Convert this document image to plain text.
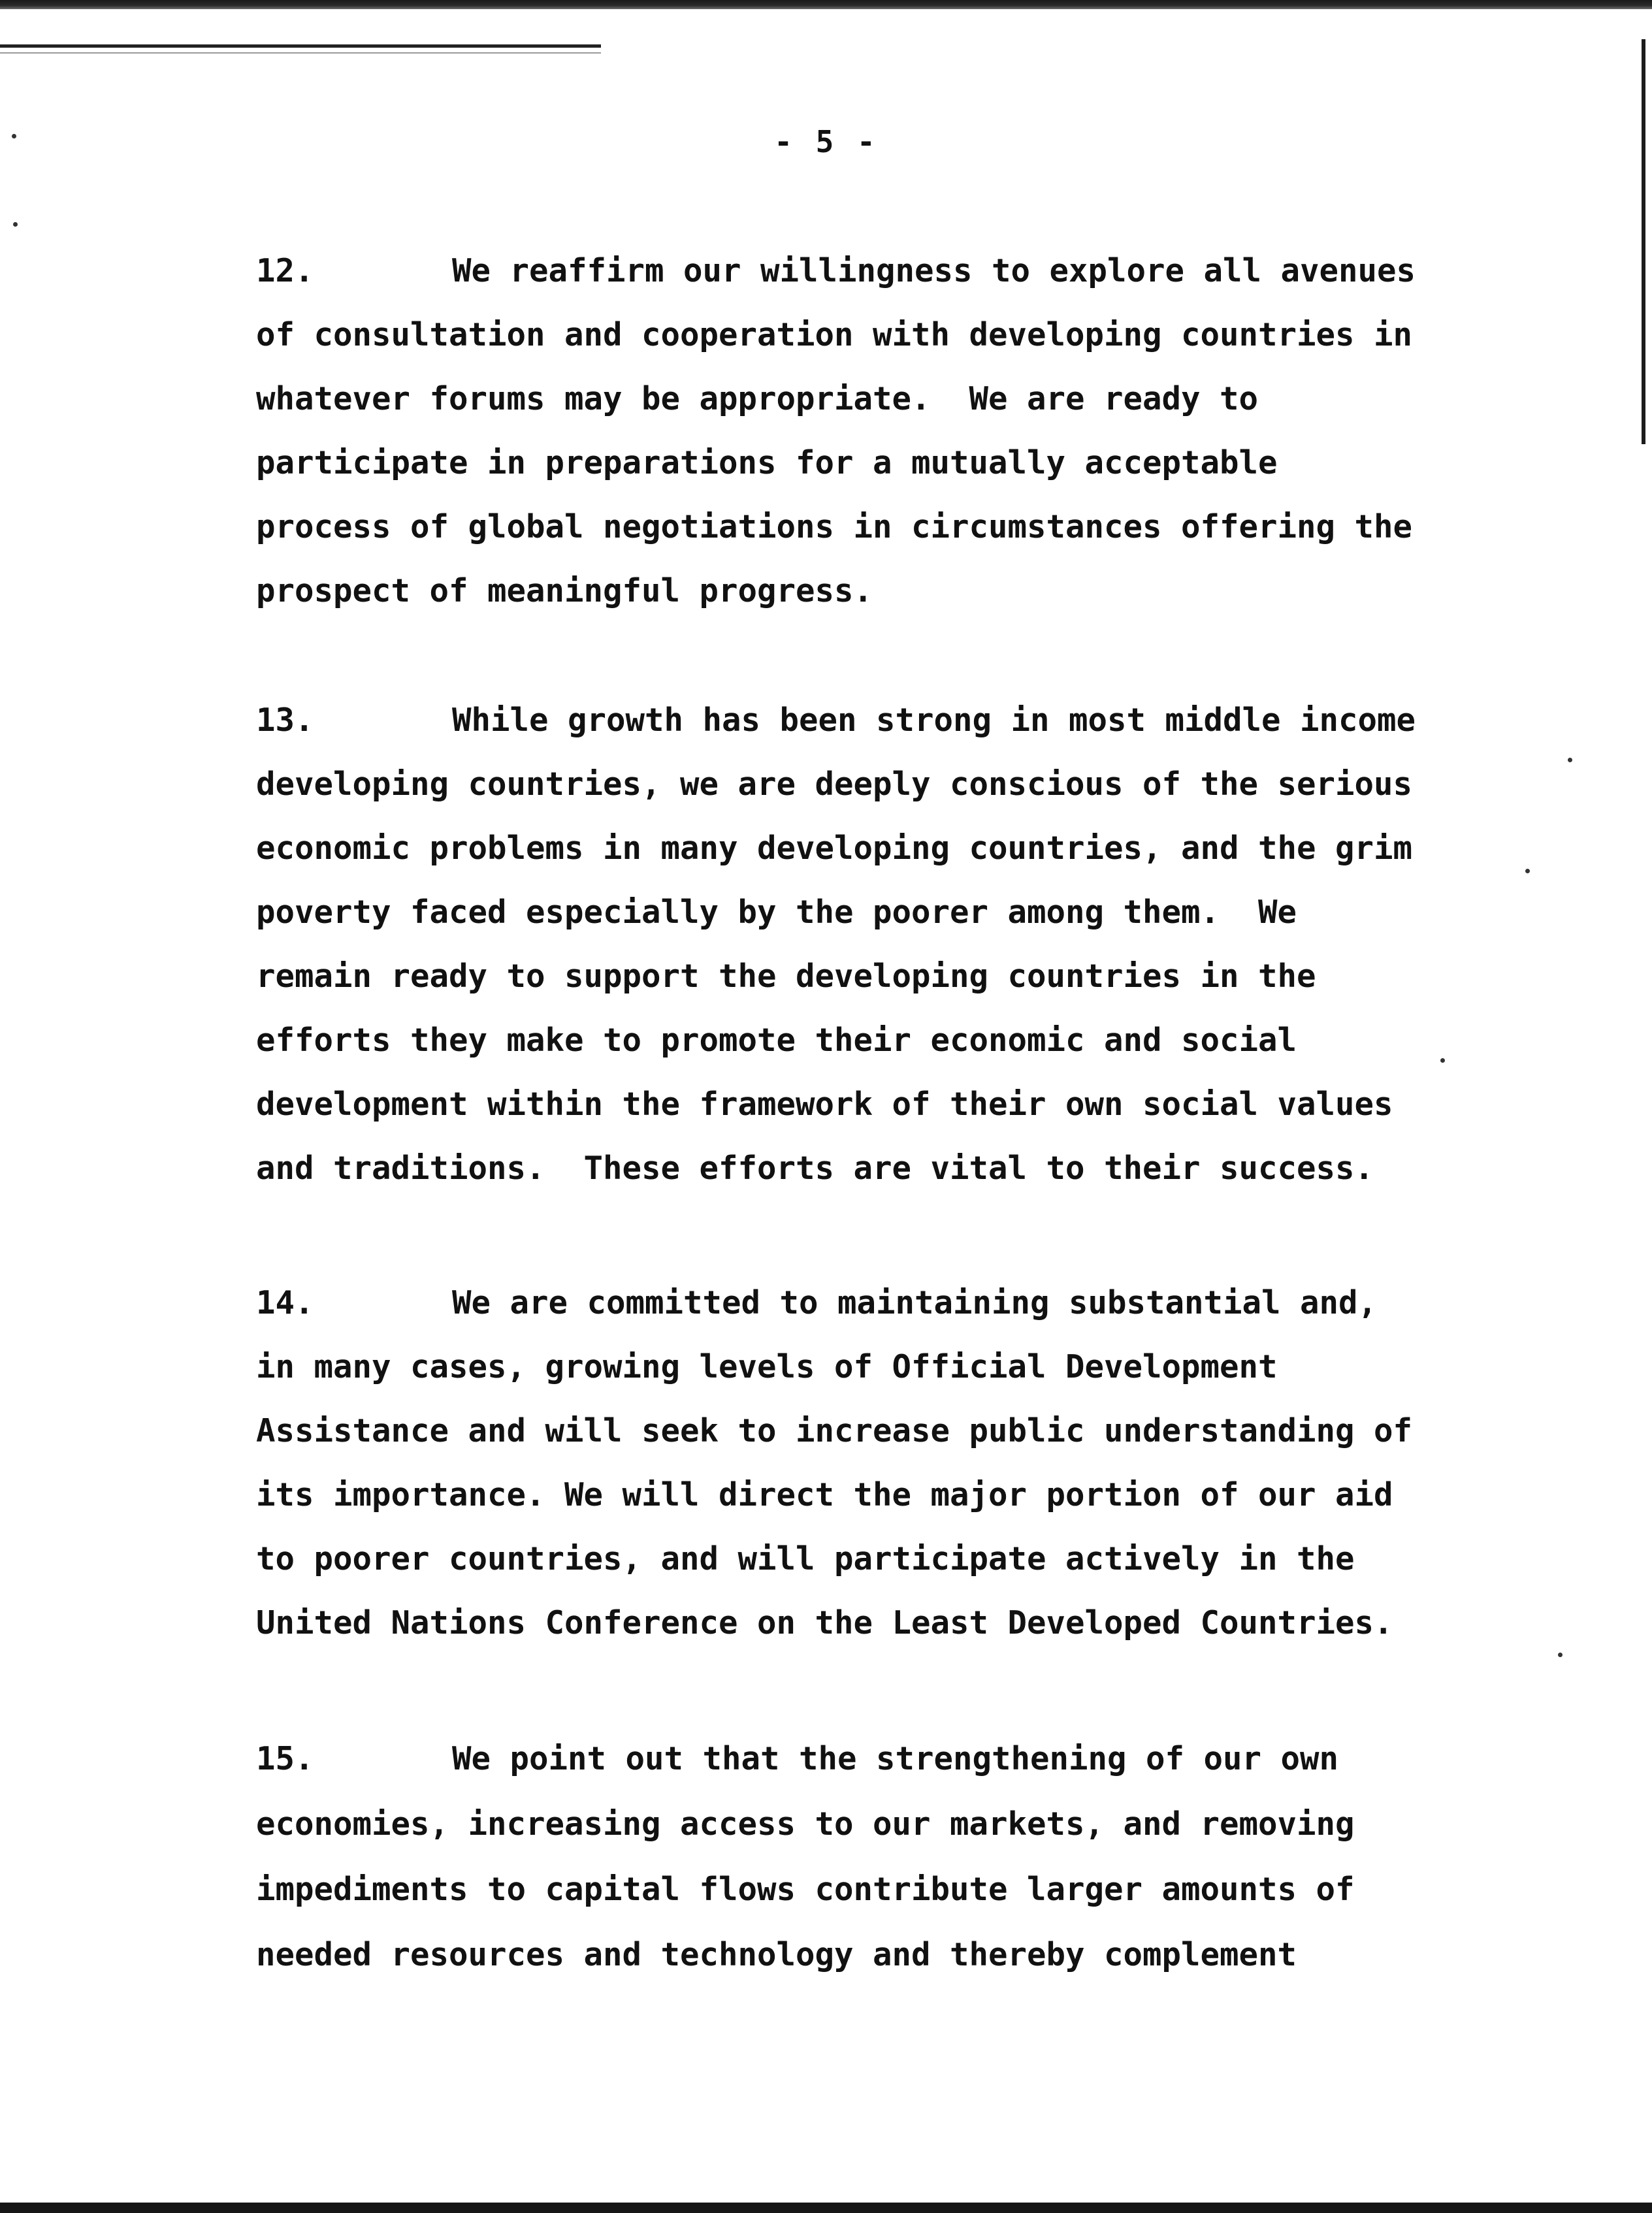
- 5 -
12.	We reaffirm our willingness to explore all avenues
of consultation and cooperation with developing countries in
whatever forums may be appropriate.  We are ready to
participate in preparations for a mutually acceptable
process of global negotiations in circumstances offering the
prospect of meaningful progress.
13.	While growth has been strong in most middle income
developing countries, we are deeply conscious of the serious
economic problems in many developing countries, and the grim
poverty faced especially by the poorer among them.  We
remain ready to support the developing countries in the
efforts they make to promote their economic and social
development within the framework of their own social values
and traditions.  These efforts are vital to their success.
14.	We are committed to maintaining substantial and,
in many cases, growing levels of Official Development
Assistance and will seek to increase public understanding of
its importance. We will direct the major portion of our aid
to poorer countries, and will participate actively in the
United Nations Conference on the Least Developed Countries.
15.	We point out that the strengthening of our own
economies, increasing access to our markets, and removing
impediments to capital flows contribute larger amounts of
needed resources and technology and thereby complement
